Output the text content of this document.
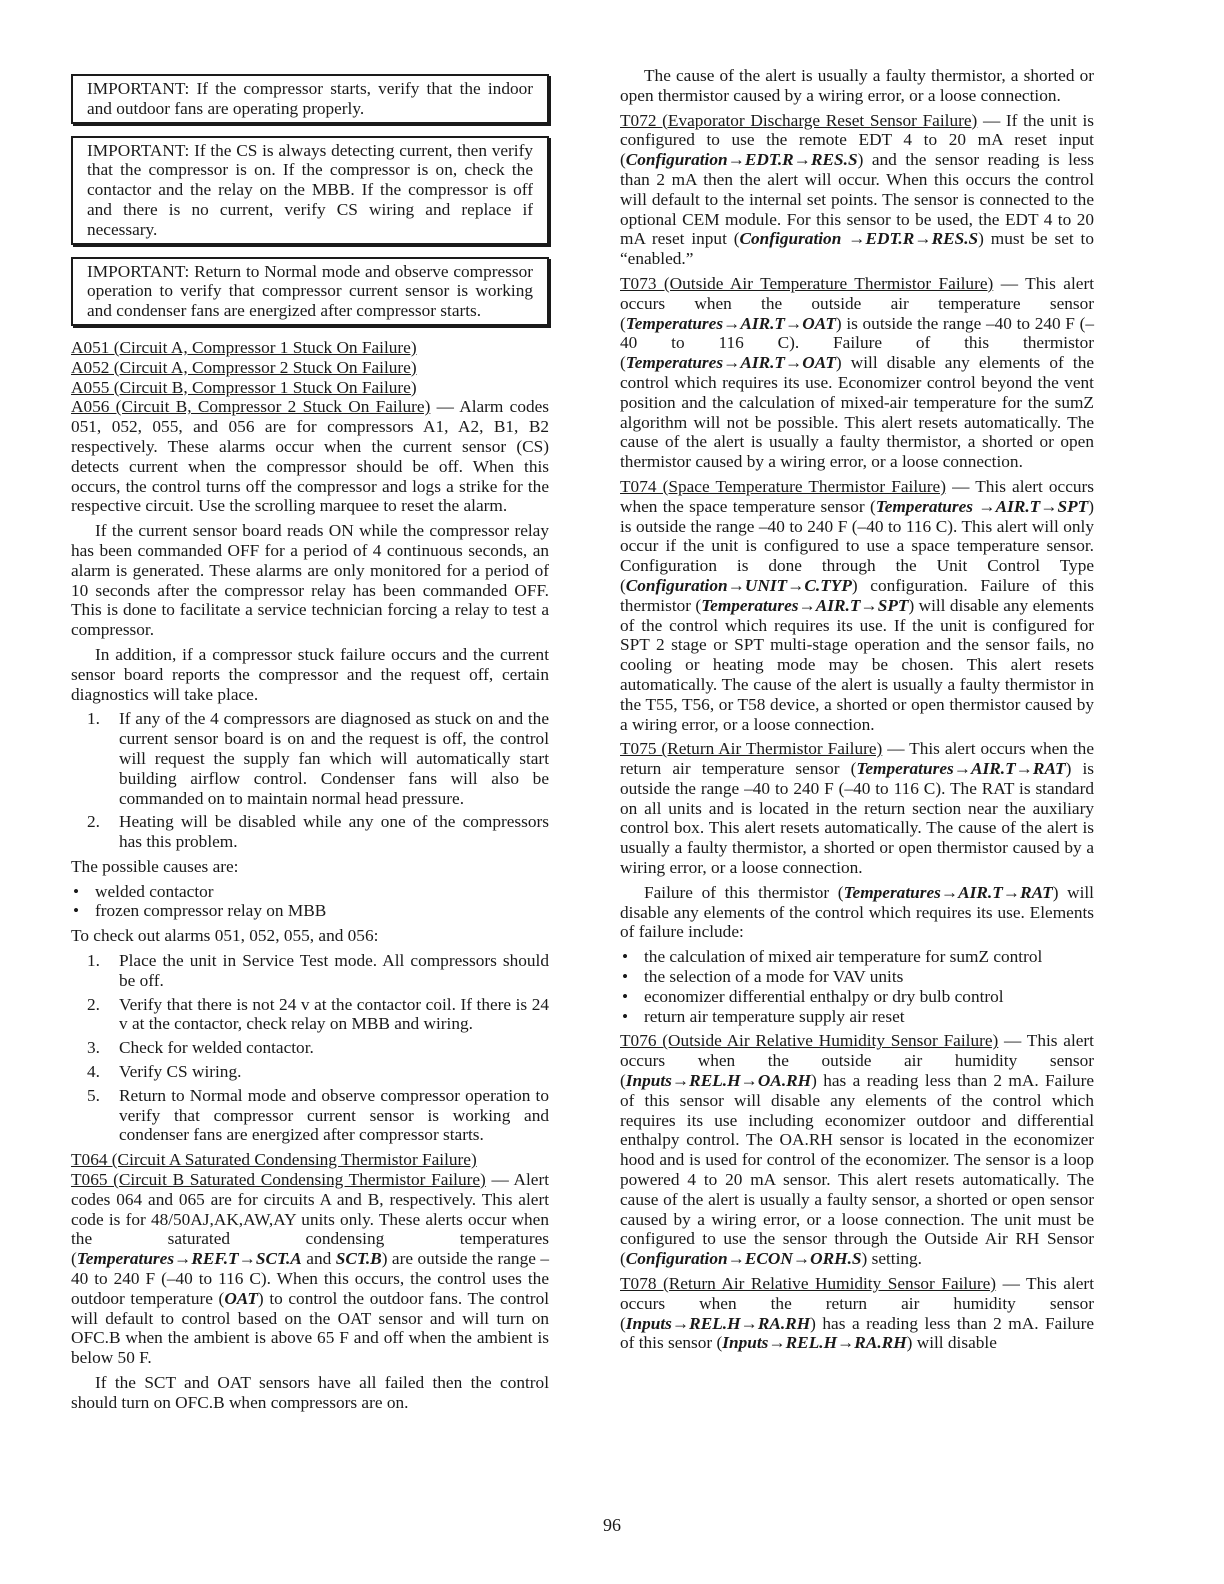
IMPORTANT: If the compressor starts, verify that the indoor and outdoor fans are operating properly.
IMPORTANT: If the CS is always detecting current, then verify that the compressor is on. If the compressor is on, check the contactor and the relay on the MBB. If the compressor is off and there is no current, verify CS wiring and replace if necessary.
IMPORTANT: Return to Normal mode and observe compressor operation to verify that compressor current sensor is working and condenser fans are energized after compressor starts.

A051 (Circuit A, Compressor 1 Stuck On Failure)

A052 (Circuit A, Compressor 2 Stuck On Failure)

A055 (Circuit B, Compressor 1 Stuck On Failure)

A056 (Circuit B, Compressor 2 Stuck On Failure) — Alarm codes 051, 052, 055, and 056 are for compressors A1, A2, B1, B2 respectively. These alarms occur when the current sensor (CS) detects current when the compressor should be off. When this occurs, the control turns off the compressor and logs a strike for the respective circuit. Use the scrolling marquee to reset the alarm.

If the current sensor board reads ON while the compressor relay has been commanded OFF for a period of 4 continuous seconds, an alarm is generated. These alarms are only monitored for a period of 10 seconds after the compressor relay has been commanded OFF. This is done to facilitate a service technician forcing a relay to test a compressor.

In addition, if a compressor stuck failure occurs and the current sensor board reports the compressor and the request off, certain diagnostics will take place.

1. If any of the 4 compressors are diagnosed as stuck on and the current sensor board is on and the request is off, the control will request the supply fan which will automatically start building airflow control. Condenser fans will also be commanded on to maintain normal head pressure.
2. Heating will be disabled while any one of the compressors has this problem.

The possible causes are:

• welded contactor
• frozen compressor relay on MBB

To check out alarms 051, 052, 055, and 056:

1. Place the unit in Service Test mode. All compressors should be off.
2. Verify that there is not 24 v at the contactor coil. If there is 24 v at the contactor, check relay on MBB and wiring.
3. Check for welded contactor.
4. Verify CS wiring.
5. Return to Normal mode and observe compressor operation to verify that compressor current sensor is working and condenser fans are energized after compressor starts.

T064 (Circuit A Saturated Condensing Thermistor Failure)

T065 (Circuit B Saturated Condensing Thermistor Failure) — Alert codes 064 and 065 are for circuits A and B, respectively. This alert code is for 48/50AJ,AK,AW,AY units only. These alerts occur when the saturated condensing temperatures (Temperatures→REF.T→SCT.A and SCT.B) are outside the range –40 to 240 F (–40 to 116 C). When this occurs, the control uses the outdoor temperature (OAT) to control the outdoor fans. The control will default to control based on the OAT sensor and will turn on OFC.B when the ambient is above 65 F and off when the ambient is below 50 F.

If the SCT and OAT sensors have all failed then the control should turn on OFC.B when compressors are on.

The cause of the alert is usually a faulty thermistor, a shorted or open thermistor caused by a wiring error, or a loose connection.

T072 (Evaporator Discharge Reset Sensor Failure) — If the unit is configured to use the remote EDT 4 to 20 mA reset input (Configuration→EDT.R→RES.S) and the sensor reading is less than 2 mA then the alert will occur. When this occurs the control will default to the internal set points. The sensor is connected to the optional CEM module. For this sensor to be used, the EDT 4 to 20 mA reset input (Configuration →EDT.R→RES.S) must be set to “enabled.”

T073 (Outside Air Temperature Thermistor Failure) — This alert occurs when the outside air temperature sensor (Temperatures→AIR.T→OAT) is outside the range –40 to 240 F (–40 to 116 C). Failure of this thermistor (Temperatures→AIR.T→OAT) will disable any elements of the control which requires its use. Economizer control beyond the vent position and the calculation of mixed-air temperature for the sumZ algorithm will not be possible. This alert resets automatically. The cause of the alert is usually a faulty thermistor, a shorted or open thermistor caused by a wiring error, or a loose connection.

T074 (Space Temperature Thermistor Failure) — This alert occurs when the space temperature sensor (Temperatures →AIR.T→SPT) is outside the range –40 to 240 F (–40 to 116 C). This alert will only occur if the unit is configured to use a space temperature sensor. Configuration is done through the Unit Control Type (Configuration→UNIT→C.TYP) configuration. Failure of this thermistor (Temperatures→AIR.T→SPT) will disable any elements of the control which requires its use. If the unit is configured for SPT 2 stage or SPT multi-stage operation and the sensor fails, no cooling or heating mode may be chosen. This alert resets automatically. The cause of the alert is usually a faulty thermistor in the T55, T56, or T58 device, a shorted or open thermistor caused by a wiring error, or a loose connection.

T075 (Return Air Thermistor Failure) — This alert occurs when the return air temperature sensor (Temperatures→AIR.T→RAT) is outside the range –40 to 240 F (–40 to 116 C). The RAT is standard on all units and is located in the return section near the auxiliary control box. This alert resets automatically. The cause of the alert is usually a faulty thermistor, a shorted or open thermistor caused by a wiring error, or a loose connection.

Failure of this thermistor (Temperatures→AIR.T→RAT) will disable any elements of the control which requires its use. Elements of failure include:

• the calculation of mixed air temperature for sumZ control
• the selection of a mode for VAV units
• economizer differential enthalpy or dry bulb control
• return air temperature supply air reset

T076 (Outside Air Relative Humidity Sensor Failure) — This alert occurs when the outside air humidity sensor (Inputs→REL.H→OA.RH) has a reading less than 2 mA. Failure of this sensor will disable any elements of the control which requires its use including economizer outdoor and differential enthalpy control. The OA.RH sensor is located in the economizer hood and is used for control of the economizer. The sensor is a loop powered 4 to 20 mA sensor. This alert resets automatically. The cause of the alert is usually a faulty sensor, a shorted or open sensor caused by a wiring error, or a loose connection. The unit must be configured to use the sensor through the Outside Air RH Sensor (Configuration→ECON→ORH.S) setting.

T078 (Return Air Relative Humidity Sensor Failure) — This alert occurs when the return air humidity sensor (Inputs→REL.H→RA.RH) has a reading less than 2 mA. Failure of this sensor (Inputs→REL.H→RA.RH) will disable

96
